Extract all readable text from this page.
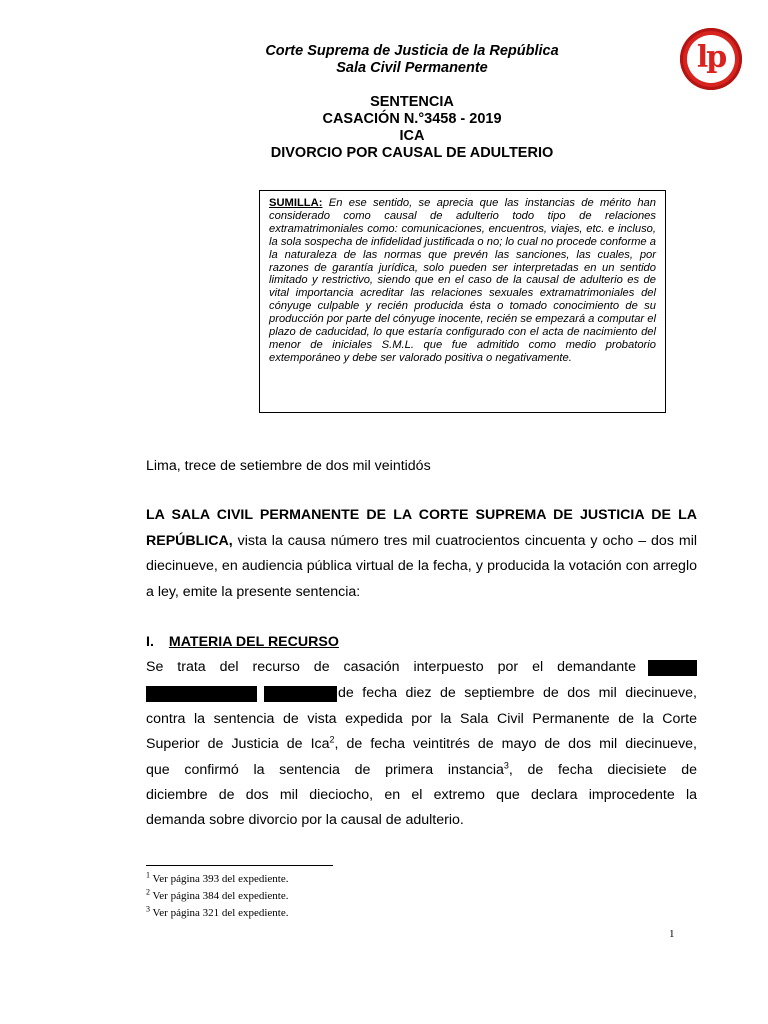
Corte Suprema de Justicia de la República
Sala Civil Permanente	lp
SENTENCIA
CASACIÓN N.°3458 - 2019
ICA
DIVORCIO POR CAUSAL DE ADULTERIO
SUMILLA: En ese sentido, se aprecia que las instancias de mérito han considerado como causal de adulterio todo tipo de relaciones extramatrimoniales como: comunicaciones, encuentros, viajes, etc. e incluso, la sola sospecha de infidelidad justificada o no; lo cual no procede conforme a la naturaleza de las normas que prevén las sanciones, las cuales, por razones de garantía jurídica, solo pueden ser interpretadas en un sentido limitado y restrictivo, siendo que en el caso de la causal de adulterio es de vital importancia acreditar las relaciones sexuales extramatrimoniales del cónyuge culpable y recién producida ésta o tomado conocimiento de su producción por parte del cónyuge inocente, recién se empezará a computar el plazo de caducidad, lo que estaría configurado con el acta de nacimiento del menor de iniciales S.M.L. que fue admitido como medio probatorio extemporáneo y debe ser valorado positiva o negativamente.
Lima, trece de setiembre de dos mil veintidós
LA SALA CIVIL PERMANENTE DE LA CORTE SUPREMA DE JUSTICIA DE LA REPÚBLICA, vista la causa número tres mil cuatrocientos cincuenta y ocho – dos mil diecinueve, en audiencia pública virtual de la fecha, y producida la votación con arreglo a ley, emite la presente sentencia:
I. MATERIA DEL RECURSO
Se trata del recurso de casación interpuesto por el demandante
de fecha diez de septiembre de dos mil diecinueve,
contra la sentencia de vista expedida por la Sala Civil Permanente de la Corte
Superior de Justicia de Ica$^2$, de fecha veintitrés de mayo de dos mil diecinueve,
que confirmó la sentencia de primera instancia$^3$, de fecha diecisiete de
diciembre de dos mil dieciocho, en el extremo que declara improcedente la
demanda sobre divorcio por la causal de adulterio.
$^1$ Ver página 393 del expediente.
$^2$ Ver página 384 del expediente.
$^3$ Ver página 321 del expediente.
1
